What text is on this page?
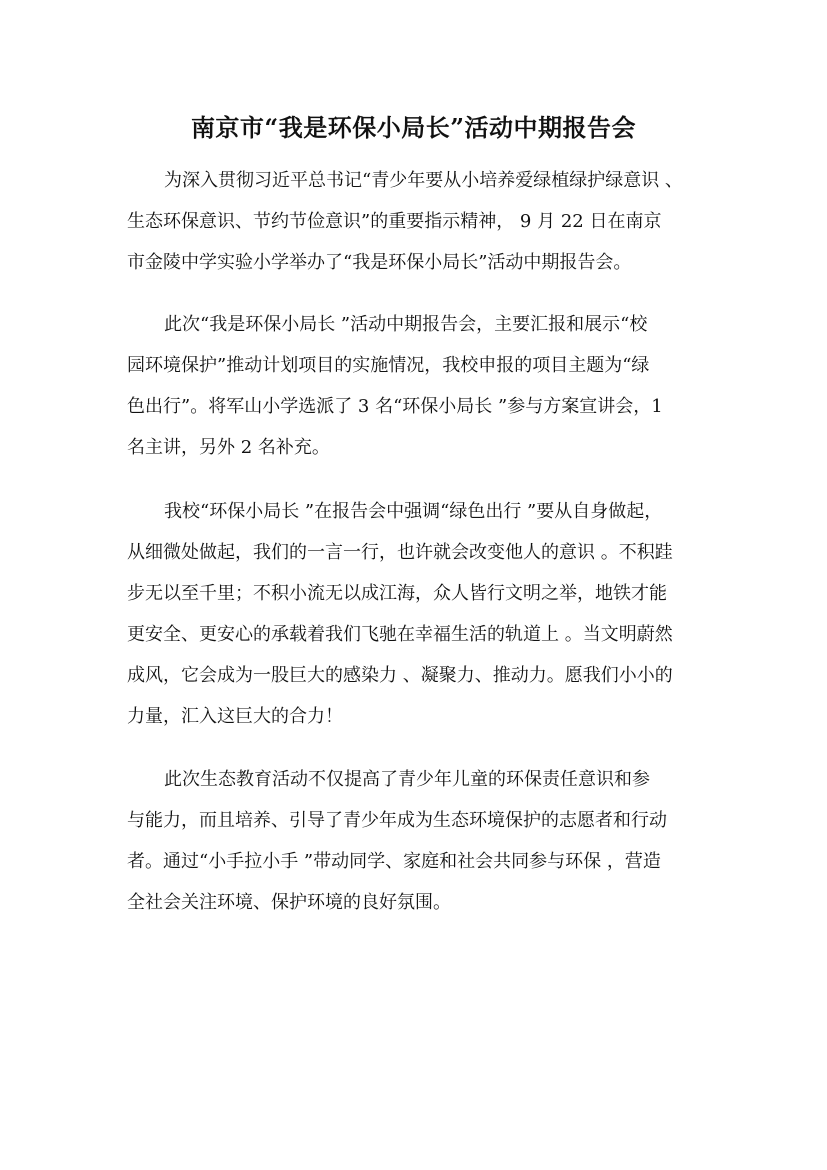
南京市“我是环保小局长”活动中期报告会
为深入贯彻习近平总书记“青少年要从小培养爱绿植绿护绿意识 、
生态环保意识、节约节俭意识”的重要指示精神， 9 月 22 日在南京
市金陵中学实验小学举办了“我是环保小局长”活动中期报告会。
此次“我是环保小局长 ”活动中期报告会，主要汇报和展示“校
园环境保护”推动计划项目的实施情况，我校申报的项目主题为“绿
色出行”。将军山小学选派了 3 名“环保小局长 ”参与方案宣讲会，1
名主讲，另外 2 名补充。
我校“环保小局长 ”在报告会中强调“绿色出行 ”要从自身做起，
从细微处做起，我们的一言一行，也许就会改变他人的意识 。不积跬
步无以至千里；不积小流无以成江海，众人皆行文明之举，地铁才能
更安全、更安心的承载着我们飞驰在幸福生活的轨道上 。当文明蔚然
成风，它会成为一股巨大的感染力 、凝聚力、推动力。愿我们小小的
力量，汇入这巨大的合力！
此次生态教育活动不仅提高了青少年儿童的环保责任意识和参
与能力，而且培养、引导了青少年成为生态环境保护的志愿者和行动
者。通过“小手拉小手 ”带动同学、家庭和社会共同参与环保 ，营造
全社会关注环境、保护环境的良好氛围。
